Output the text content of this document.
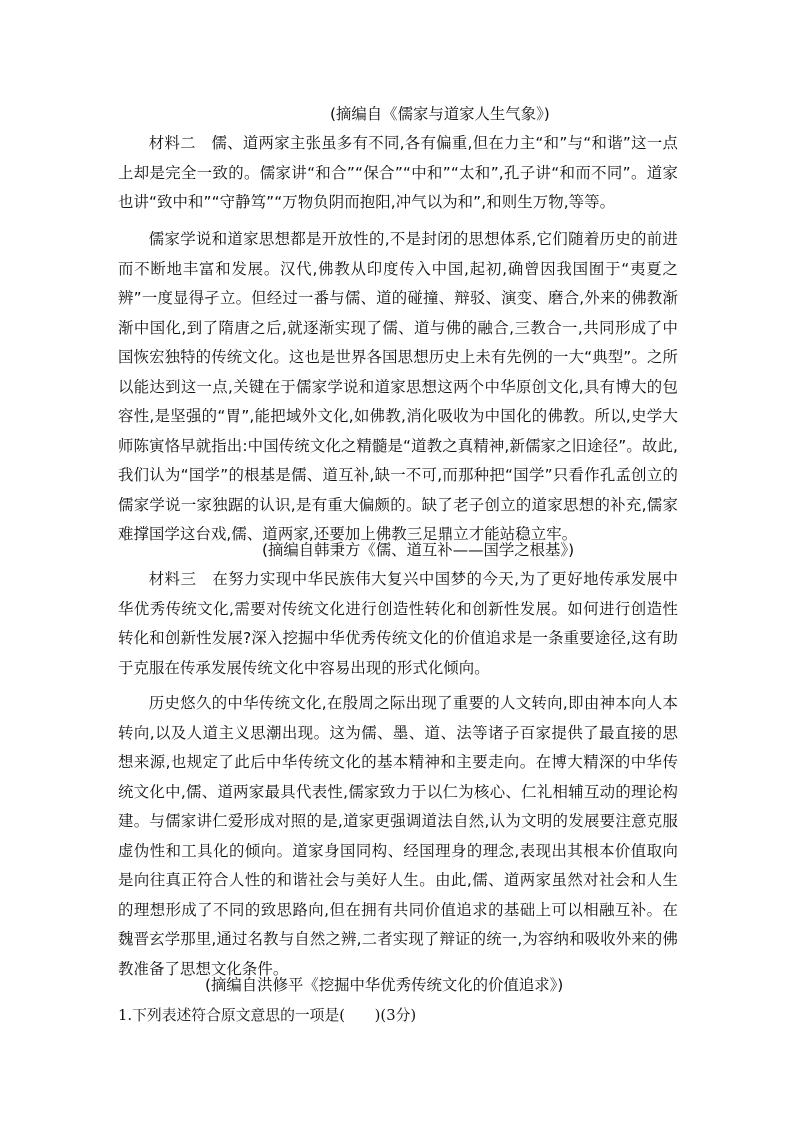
(摘编自《儒家与道家人生气象》)

材料二　儒、道两家主张虽多有不同,各有偏重,但在力主“和”与“和谐”这一点上却是完全一致的。儒家讲“和合”“保合”“中和”“太和”,孔子讲“和而不同”。道家也讲“致中和”“守静笃”“万物负阴而抱阳,冲气以为和”,和则生万物,等等。

儒家学说和道家思想都是开放性的,不是封闭的思想体系,它们随着历史的前进而不断地丰富和发展。汉代,佛教从印度传入中国,起初,确曾因我国囿于“夷夏之辨”一度显得孑立。但经过一番与儒、道的碰撞、辩驳、演变、磨合,外来的佛教渐渐中国化,到了隋唐之后,就逐渐实现了儒、道与佛的融合,三教合一,共同形成了中国恢宏独特的传统文化。这也是世界各国思想历史上未有先例的一大“典型”。之所以能达到这一点,关键在于儒家学说和道家思想这两个中华原创文化,具有博大的包容性,是坚强的“胃”,能把域外文化,如佛教,消化吸收为中国化的佛教。所以,史学大师陈寅恪早就指出:中国传统文化之精髓是“道教之真精神,新儒家之旧途径”。故此,我们认为“国学”的根基是儒、道互补,缺一不可,而那种把“国学”只看作孔孟创立的儒家学说一家独踞的认识,是有重大偏颇的。缺了老子创立的道家思想的补充,儒家难撑国学这台戏,儒、道两家,还要加上佛教三足鼎立才能站稳立牢。

(摘编自韩秉方《儒、道互补——国学之根基》)

材料三　在努力实现中华民族伟大复兴中国梦的今天,为了更好地传承发展中华优秀传统文化,需要对传统文化进行创造性转化和创新性发展。如何进行创造性转化和创新性发展?深入挖掘中华优秀传统文化的价值追求是一条重要途径,这有助于克服在传承发展传统文化中容易出现的形式化倾向。

历史悠久的中华传统文化,在殷周之际出现了重要的人文转向,即由神本向人本转向,以及人道主义思潮出现。这为儒、墨、道、法等诸子百家提供了最直接的思想来源,也规定了此后中华传统文化的基本精神和主要走向。在博大精深的中华传统文化中,儒、道两家最具代表性,儒家致力于以仁为核心、仁礼相辅互动的理论构建。与儒家讲仁爱形成对照的是,道家更强调道法自然,认为文明的发展要注意克服虚伪性和工具化的倾向。道家身国同构、经国理身的理念,表现出其根本价值取向是向往真正符合人性的和谐社会与美好人生。由此,儒、道两家虽然对社会和人生的理想形成了不同的致思路向,但在拥有共同价值追求的基础上可以相融互补。在魏晋玄学那里,通过名教与自然之辨,二者实现了辩证的统一,为容纳和吸收外来的佛教准备了思想文化条件。

(摘编自洪修平《挖掘中华优秀传统文化的价值追求》)

1.下列表述符合原文意思的一项是(　　)(3分)
